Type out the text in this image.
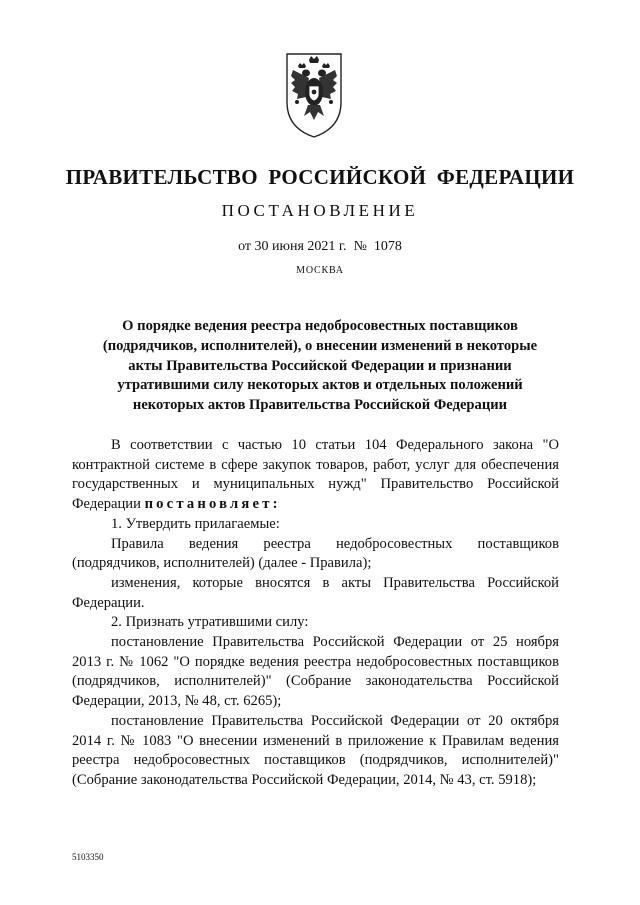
ПРАВИТЕЛЬСТВО РОССИЙСКОЙ ФЕДЕРАЦИИ
ПОСТАНОВЛЕНИЕ
от 30 июня 2021 г. № 1078
МОСКВА
О порядке ведения реестра недобросовестных поставщиков
(подрядчиков, исполнителей), о внесении изменений в некоторые
акты Правительства Российской Федерации и признании
утратившими силу некоторых актов и отдельных положений
некоторых актов Правительства Российской Федерации

В соответствии с частью 10 статьи 104 Федерального закона "О контрактной системе в сфере закупок товаров, работ, услуг для обеспечения государственных и муниципальных нужд" Правительство Российской Федерации постановляет:

1. Утвердить прилагаемые:

Правила ведения реестра недобросовестных поставщиков (подрядчиков, исполнителей) (далее - Правила);

изменения, которые вносятся в акты Правительства Российской Федерации.

2. Признать утратившими силу:

постановление Правительства Российской Федерации от 25 ноября 2013 г. № 1062 "О порядке ведения реестра недобросовестных поставщиков (подрядчиков, исполнителей)" (Собрание законодательства Российской Федерации, 2013, № 48, ст. 6265);

постановление Правительства Российской Федерации от 20 октября 2014 г. № 1083 "О внесении изменений в приложение к Правилам ведения реестра недобросовестных поставщиков (подрядчиков, исполнителей)" (Собрание законодательства Российской Федерации, 2014, № 43, ст. 5918);

5103350
